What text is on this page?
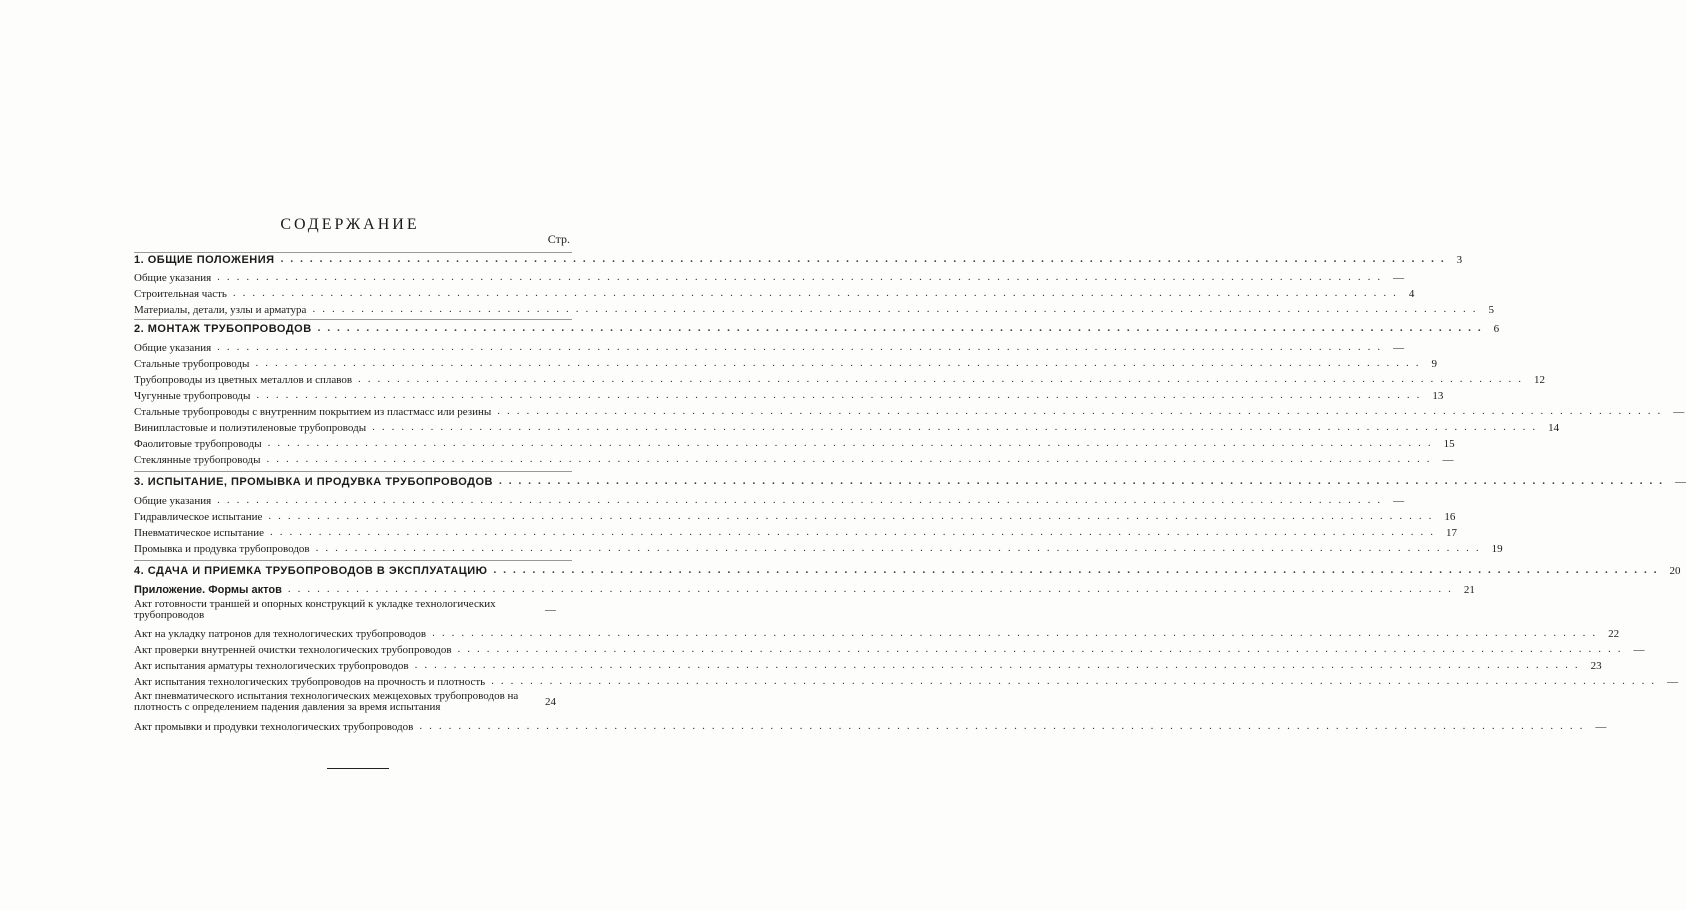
СОДЕРЖАНИЕ
Стр.
1. ОБЩИЕ ПОЛОЖЕНИЯ ........................................................................................................................ 3
Общие указания ........................................................................................................................ —
Строительная часть ........................................................................................................................ 4
Материалы, детали, узлы и арматура ........................................................................................................................ 5
2. МОНТАЖ ТРУБОПРОВОДОВ ........................................................................................................................ 6
Общие указания ........................................................................................................................ —
Стальные трубопроводы ........................................................................................................................ 9
Трубопроводы из цветных металлов и сплавов ........................................................................................................................ 12
Чугунные трубопроводы ........................................................................................................................ 13
Стальные трубопроводы с внутренним покрытием из пластмасс или резины ........................................................................................................................ —
Винипластовые и полиэтиленовые трубопроводы ........................................................................................................................ 14
Фаолитовые трубопроводы ........................................................................................................................ 15
Стеклянные трубопроводы ........................................................................................................................ —
3. ИСПЫТАНИЕ, ПРОМЫВКА И ПРОДУВКА ТРУБОПРОВОДОВ ........................................................................................................................ —
Общие указания ........................................................................................................................ —
Гидравлическое испытание ........................................................................................................................ 16
Пневматическое испытание ........................................................................................................................ 17
Промывка и продувка трубопроводов ........................................................................................................................ 19
4. СДАЧА И ПРИЕМКА ТРУБОПРОВОДОВ В ЭКСПЛУАТАЦИЮ ........................................................................................................................ 20
Приложение. Формы актов ........................................................................................................................ 21
Акт готовности траншей и опорных конструкций к укладке технологических трубопроводов	—
Акт на укладку патронов для технологических трубопроводов ........................................................................................................................ 22
Акт проверки внутренней очистки технологических трубопроводов ........................................................................................................................ —
Акт испытания арматуры технологических трубопроводов ........................................................................................................................ 23
Акт испытания технологических трубопроводов на прочность и плотность ........................................................................................................................ —
Акт пневматического испытания технологических межцеховых трубопроводов на плотность с определением падения давления за время испытания	24
Акт промывки и продувки технологических трубопроводов ........................................................................................................................ —
